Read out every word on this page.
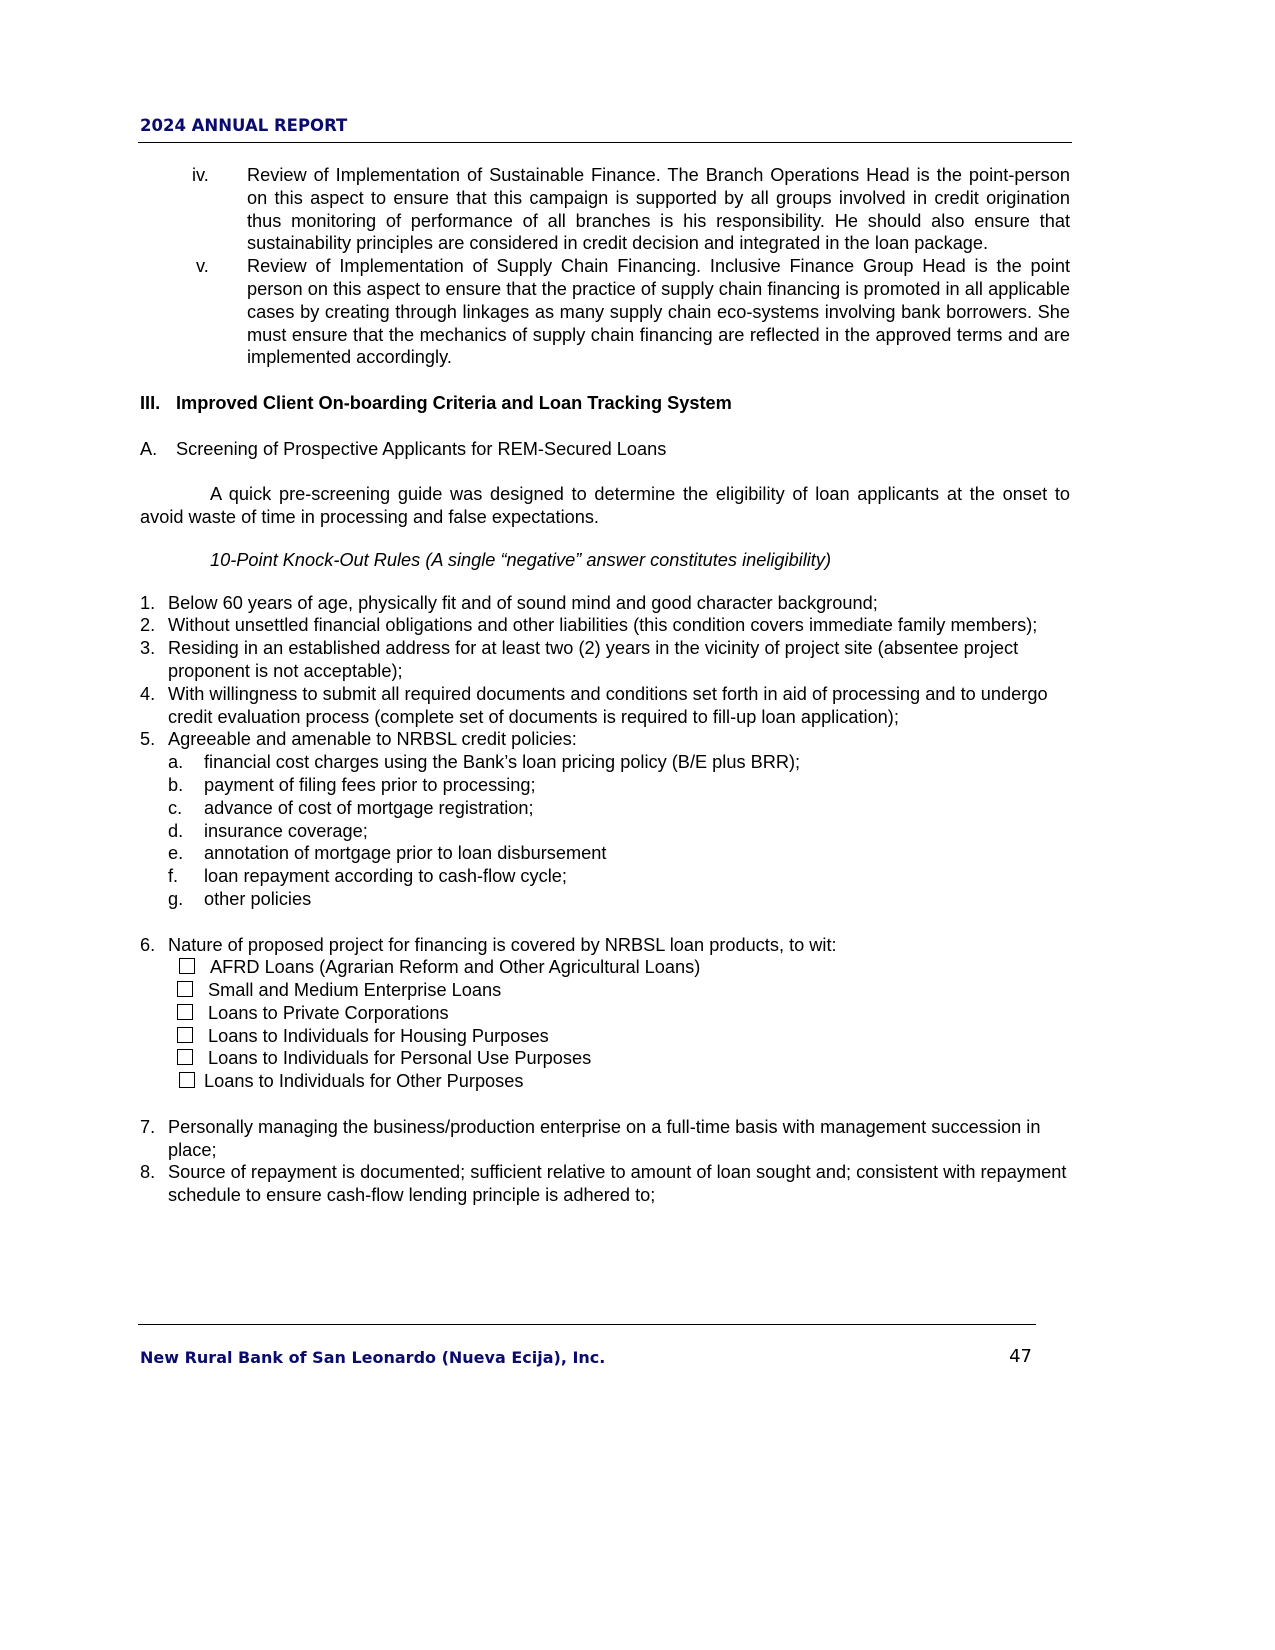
2024 ANNUAL REPORT
iv. Review of Implementation of Sustainable Finance. The Branch Operations Head is the point-person on this aspect to ensure that this campaign is supported by all groups involved in credit origination thus monitoring of performance of all branches is his responsibility. He should also ensure that sustainability principles are considered in credit decision and integrated in the loan package.
v. Review of Implementation of Supply Chain Financing. Inclusive Finance Group Head is the point person on this aspect to ensure that the practice of supply chain financing is promoted in all applicable cases by creating through linkages as many supply chain eco-systems involving bank borrowers. She must ensure that the mechanics of supply chain financing are reflected in the approved terms and are implemented accordingly.
III. Improved Client On-boarding Criteria and Loan Tracking System
A. Screening of Prospective Applicants for REM-Secured Loans
A quick pre-screening guide was designed to determine the eligibility of loan applicants at the onset to avoid waste of time in processing and false expectations.
10-Point Knock-Out Rules (A single “negative” answer constitutes ineligibility)
1. Below 60 years of age, physically fit and of sound mind and good character background;
2. Without unsettled financial obligations and other liabilities (this condition covers immediate family members);
3. Residing in an established address for at least two (2) years in the vicinity of project site (absentee project proponent is not acceptable);
4. With willingness to submit all required documents and conditions set forth in aid of processing and to undergo credit evaluation process (complete set of documents is required to fill-up loan application);
5. Agreeable and amenable to NRBSL credit policies:
a. financial cost charges using the Bank’s loan pricing policy (B/E plus BRR);
b. payment of filing fees prior to processing;
c. advance of cost of mortgage registration;
d. insurance coverage;
e. annotation of mortgage prior to loan disbursement
f. loan repayment according to cash-flow cycle;
g. other policies
6. Nature of proposed project for financing is covered by NRBSL loan products, to wit:
AFRD Loans (Agrarian Reform and Other Agricultural Loans)
Small and Medium Enterprise Loans
Loans to Private Corporations
Loans to Individuals for Housing Purposes
Loans to Individuals for Personal Use Purposes
Loans to Individuals for Other Purposes
7. Personally managing the business/production enterprise on a full-time basis with management succession in place;
8. Source of repayment is documented; sufficient relative to amount of loan sought and; consistent with repayment schedule to ensure cash-flow lending principle is adhered to;
New Rural Bank of San Leonardo (Nueva Ecija), Inc.	47
